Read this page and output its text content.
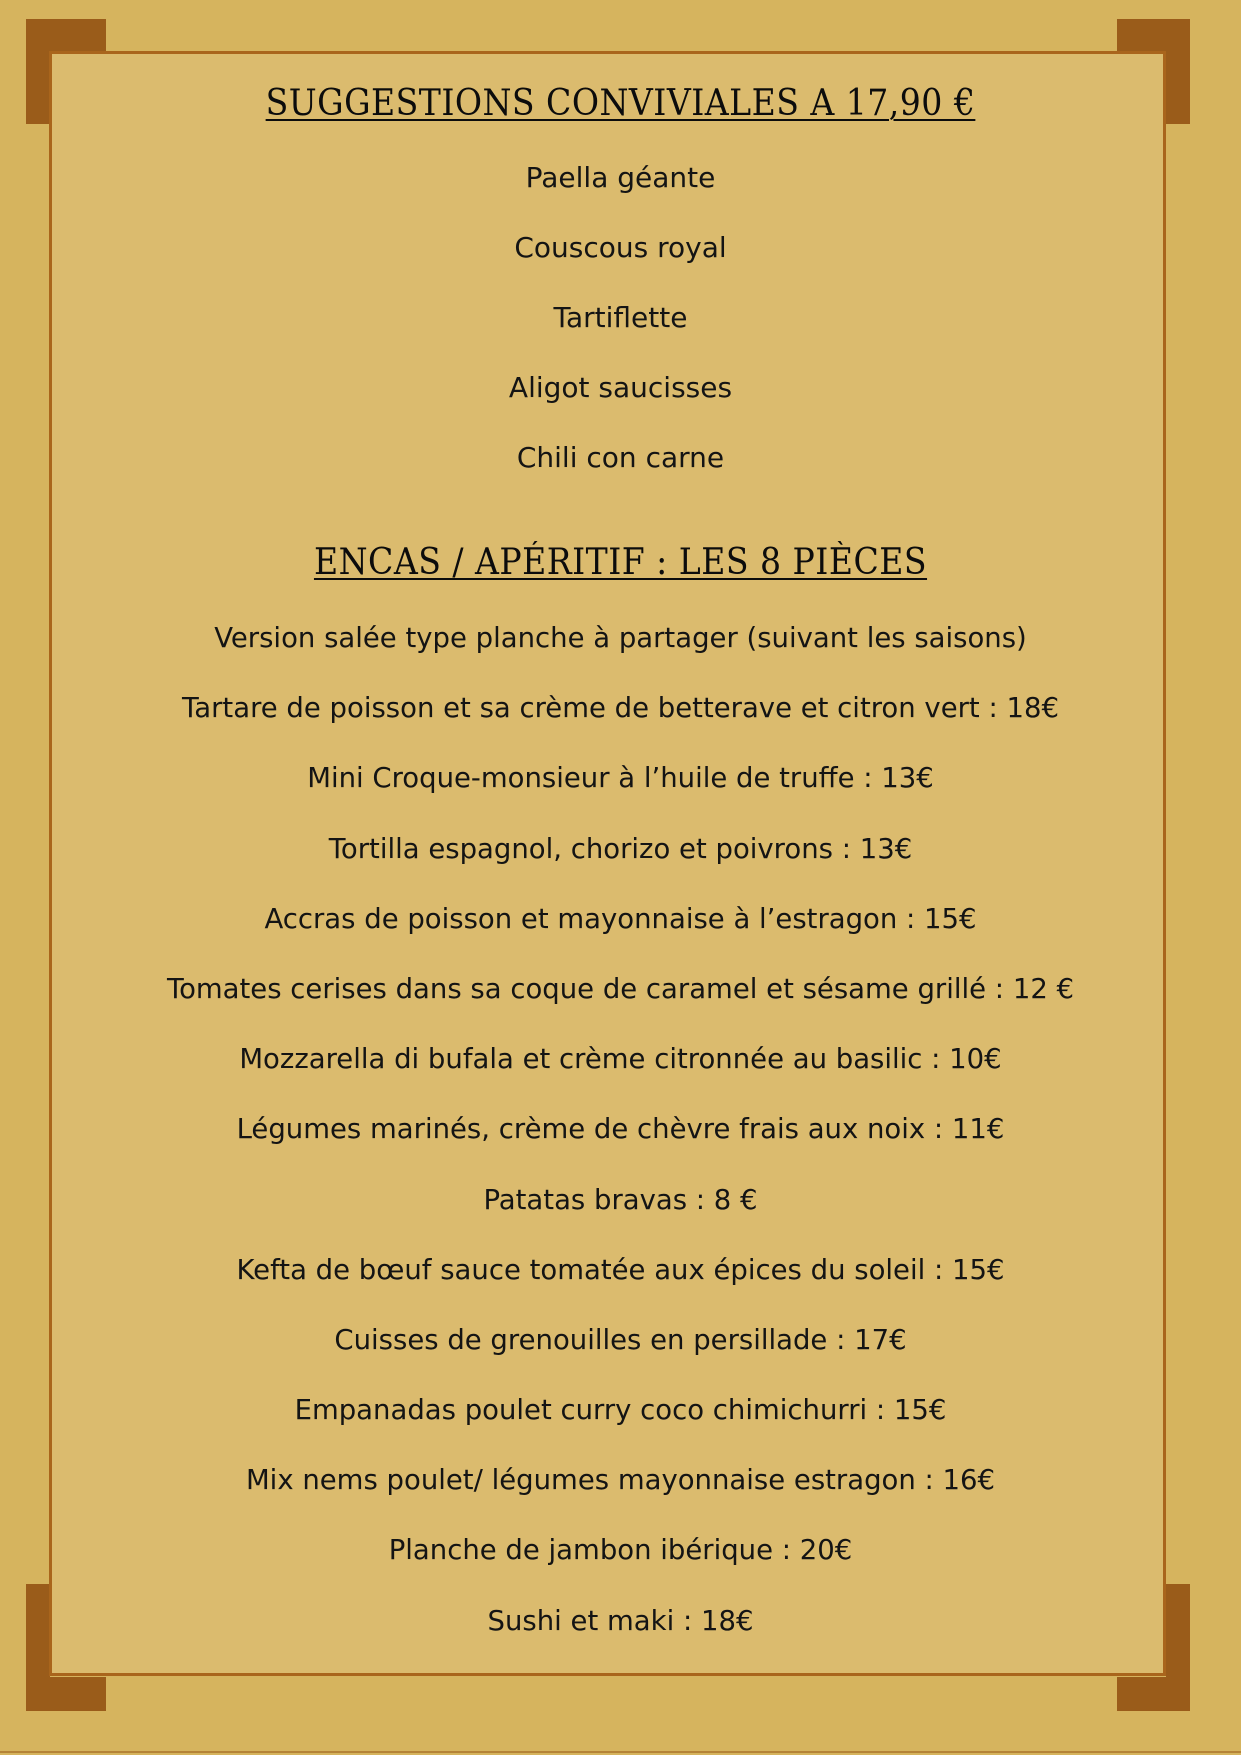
SUGGESTIONS CONVIVIALES A 17,90 €
Paella géante
Couscous royal
Tartiflette
Aligot saucisses
Chili con carne
ENCAS / APÉRITIF : LES 8 PIÈCES
Version salée type planche à partager (suivant les saisons)
Tartare de poisson et sa crème de betterave et citron vert : 18€
Mini Croque-monsieur à l’huile de truffe : 13€
Tortilla espagnol, chorizo et poivrons : 13€
Accras de poisson et mayonnaise à l’estragon : 15€
Tomates cerises dans sa coque de caramel et sésame grillé : 12 €
Mozzarella di bufala et crème citronnée au basilic : 10€
Légumes marinés, crème de chèvre frais aux noix : 11€
Patatas bravas : 8 €
Kefta de bœuf sauce tomatée aux épices du soleil : 15€
Cuisses de grenouilles en persillade : 17€
Empanadas poulet curry coco chimichurri : 15€
Mix nems poulet/ légumes mayonnaise estragon : 16€
Planche de jambon ibérique : 20€
Sushi et maki : 18€
